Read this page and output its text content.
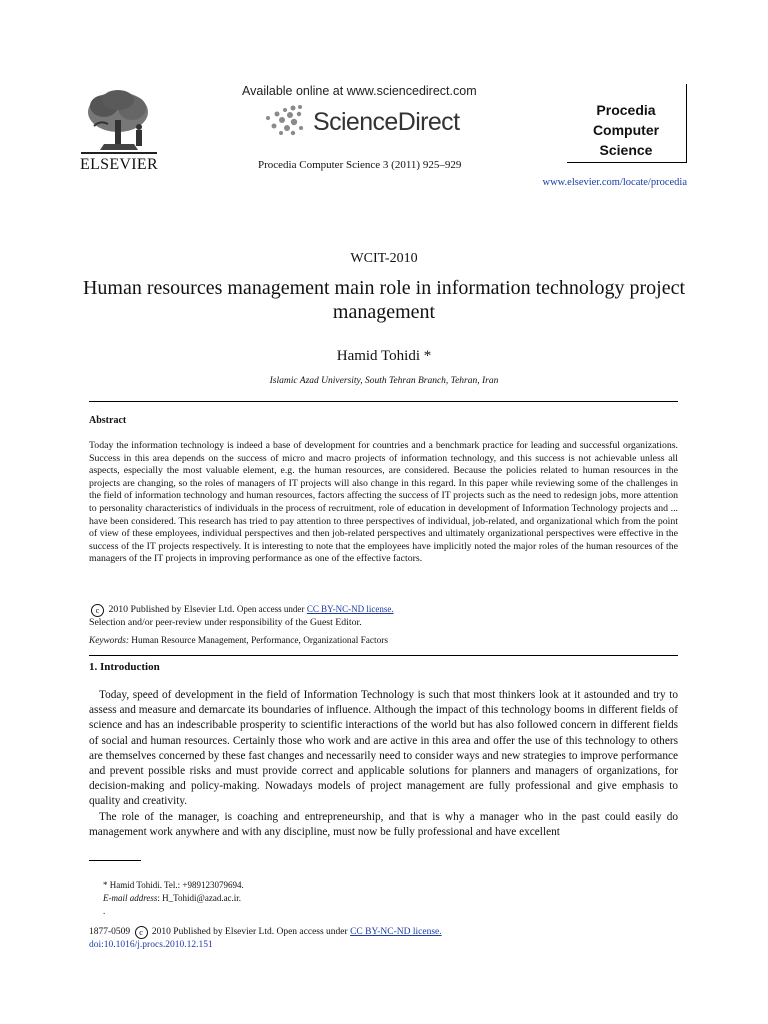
ELSEVIER
Available online at www.sciencedirect.com
ScienceDirect
Procedia Computer Science 3 (2011) 925–929
Procedia
Computer
Science
www.elsevier.com/locate/procedia
WCIT-2010
Human resources management main role in information technology project management
Hamid Tohidi *
Islamic Azad University, South Tehran Branch, Tehran, Iran
Abstract
Today the information technology is indeed a base of development for countries and a benchmark practice for leading and successful organizations. Success in this area depends on the success of micro and macro projects of information technology, and this success is not achievable unless all aspects, especially the most valuable element, e.g. the human resources, are considered. Because the policies related to human resources in the projects are changing, so the roles of managers of IT projects will also change in this regard. In this paper while reviewing some of the challenges in the field of information technology and human resources, factors affecting the success of IT projects such as the need to redesign jobs, more attention to personality characteristics of individuals in the process of recruitment, role of education in development of Information Technology projects and ... have been considered. This research has tried to pay attention to three perspectives of individual, job-related, and organizational which from the point of view of these employees, individual perspectives and then job-related perspectives and ultimately organizational perspectives were effective in the success of the IT projects respectively. It is interesting to note that the employees have implicitly noted the major roles of the human resources of the managers of the IT projects in improving performance as one of the effective factors.
c 2010 Published by Elsevier Ltd. Open access under CC BY-NC-ND license.
Selection and/or peer-review under responsibility of the Guest Editor.
Keywords: Human Resource Management, Performance, Organizational Factors
1. Introduction

Today, speed of development in the field of Information Technology is such that most thinkers look at it astounded and try to assess and measure and demarcate its boundaries of influence. Although the impact of this technology booms in different fields of science and has an indescribable prosperity to scientific interactions of the world but has also followed concern in different fields of social and human resources. Certainly those who work and are active in this area and offer the use of this technology to others are themselves concerned by these fast changes and necessarily need to consider ways and new strategies to improve performance and prevent possible risks and must provide correct and applicable solutions for planners and managers of organizations, for decision-making and policy-making. Nowadays models of project management are fully professional and give emphasis to quality and creativity.

The role of the manager, is coaching and entrepreneurship, and that is why a manager who in the past could easily do management work anywhere and with any discipline, must now be fully professional and have excellent

* Hamid Tohidi. Tel.: +989123079694.
E-mail address: H_Tohidi@azad.ac.ir.
.
1877-0509 c 2010 Published by Elsevier Ltd. Open access under CC BY-NC-ND license.
doi:10.1016/j.procs.2010.12.151
